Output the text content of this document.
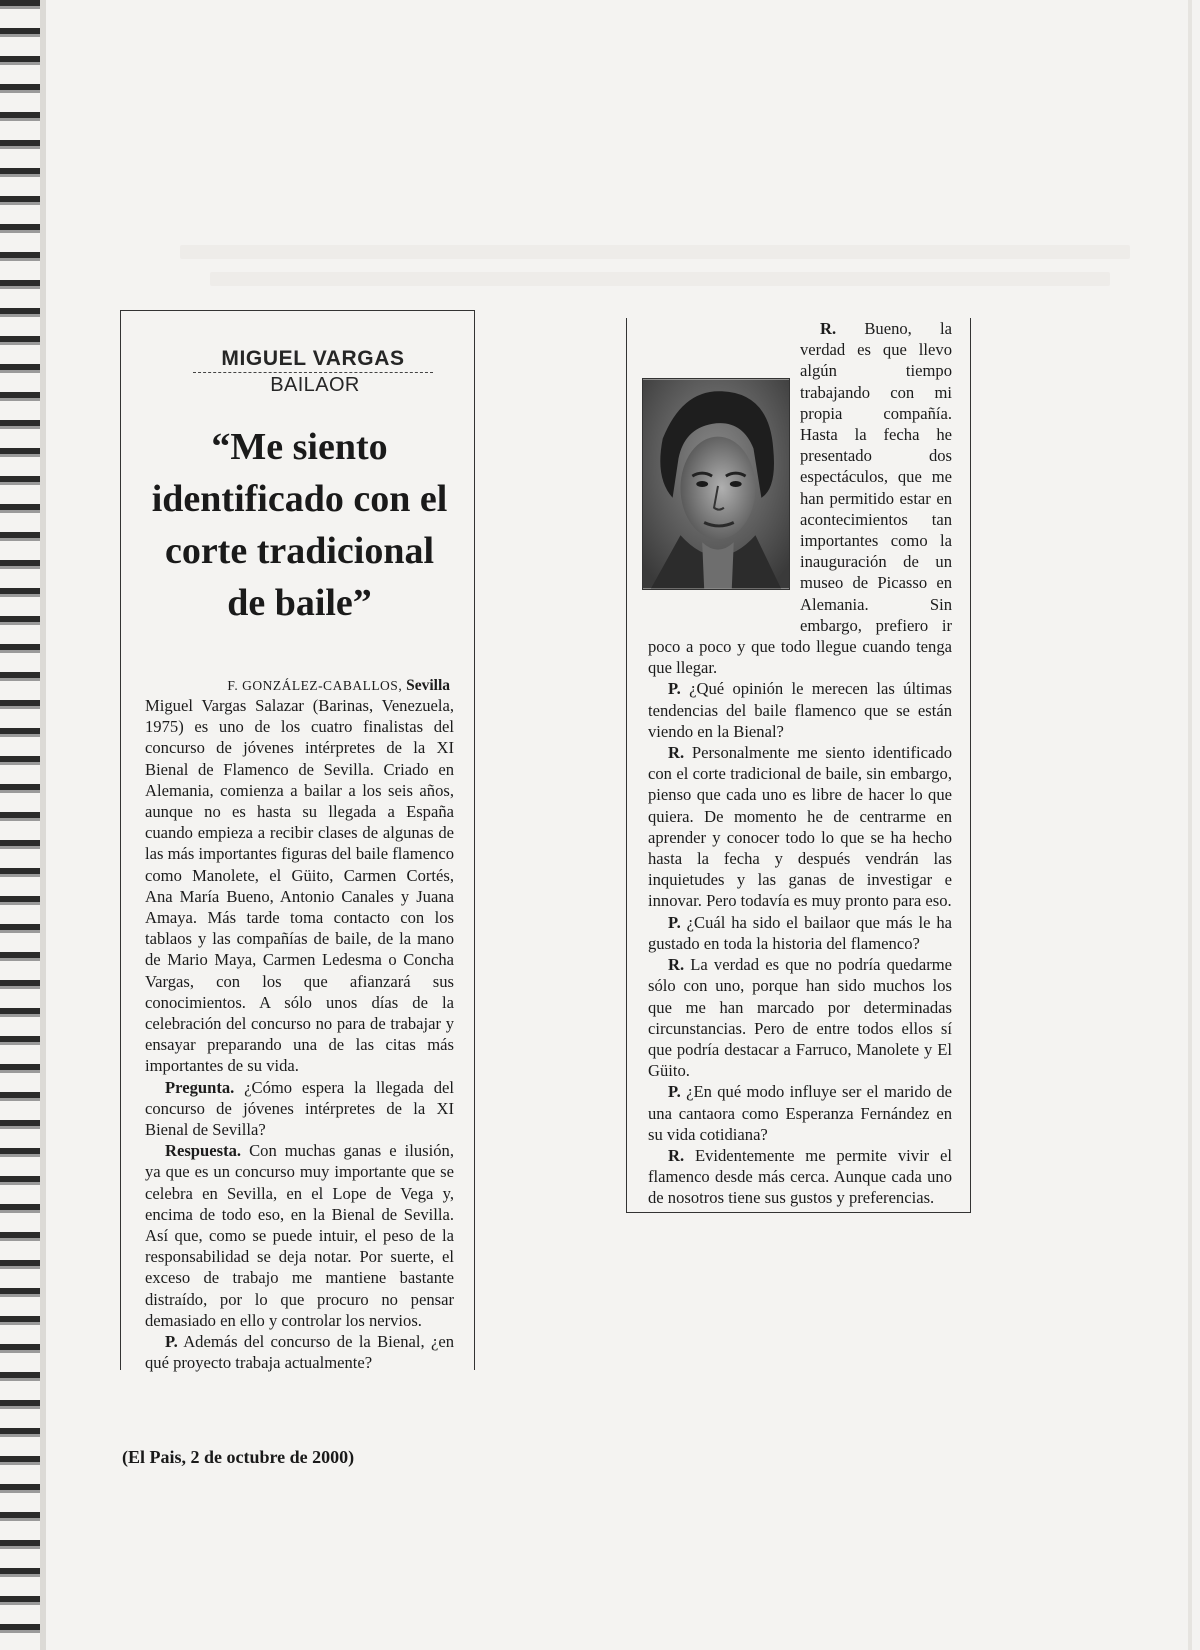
MIGUEL VARGAS
BAILAOR
“Me siento identificado con el corte tradicional de baile”
F. GONZÁLEZ-CABALLOS, Sevilla

Miguel Vargas Salazar (Barinas, Venezuela, 1975) es uno de los cuatro finalistas del concurso de jóvenes intérpretes de la XI Bienal de Flamenco de Sevilla. Criado en Alemania, comienza a bailar a los seis años, aunque no es hasta su llegada a España cuando empieza a recibir clases de algunas de las más importantes figuras del baile flamenco como Manolete, el Güito, Carmen Cortés, Ana María Bueno, Antonio Canales y Juana Amaya. Más tarde toma contacto con los tablaos y las compañías de baile, de la mano de Mario Maya, Carmen Ledesma o Concha Vargas, con los que afianzará sus conocimientos. A sólo unos días de la celebración del concurso no para de trabajar y ensayar preparando una de las citas más importantes de su vida.

Pregunta. ¿Cómo espera la llegada del concurso de jóvenes intérpretes de la XI Bienal de Sevilla?

Respuesta. Con muchas ganas e ilusión, ya que es un concurso muy importante que se celebra en Sevilla, en el Lope de Vega y, encima de todo eso, en la Bienal de Sevilla. Así que, como se puede intuir, el peso de la responsabilidad se deja notar. Por suerte, el exceso de trabajo me mantiene bastante distraído, por lo que procuro no pensar demasiado en ello y controlar los nervios.

P. Además del concurso de la Bienal, ¿en qué proyecto trabaja actualmente?

R. Bueno, la verdad es que llevo algún tiempo trabajando con mi propia compañía. Hasta la fecha he presentado dos espectáculos, que me han permitido estar en acontecimientos tan importantes como la inauguración de un museo de Picasso en Alemania. Sin embargo, prefiero ir poco a poco y que todo llegue cuando tenga que llegar.

P. ¿Qué opinión le merecen las últimas tendencias del baile flamenco que se están viendo en la Bienal?

R. Personalmente me siento identificado con el corte tradicional de baile, sin embargo, pienso que cada uno es libre de hacer lo que quiera. De momento he de centrarme en aprender y conocer todo lo que se ha hecho hasta la fecha y después vendrán las inquietudes y las ganas de investigar e innovar. Pero todavía es muy pronto para eso.

P. ¿Cuál ha sido el bailaor que más le ha gustado en toda la historia del flamenco?

R. La verdad es que no podría quedarme sólo con uno, porque han sido muchos los que me han marcado por determinadas circunstancias. Pero de entre todos ellos sí que podría destacar a Farruco, Manolete y El Güito.

P. ¿En qué modo influye ser el marido de una cantaora como Esperanza Fernández en su vida cotidiana?

R. Evidentemente me permite vivir el flamenco desde más cerca. Aunque cada uno de nosotros tiene sus gustos y preferencias.

(El Pais, 2 de octubre de 2000)
